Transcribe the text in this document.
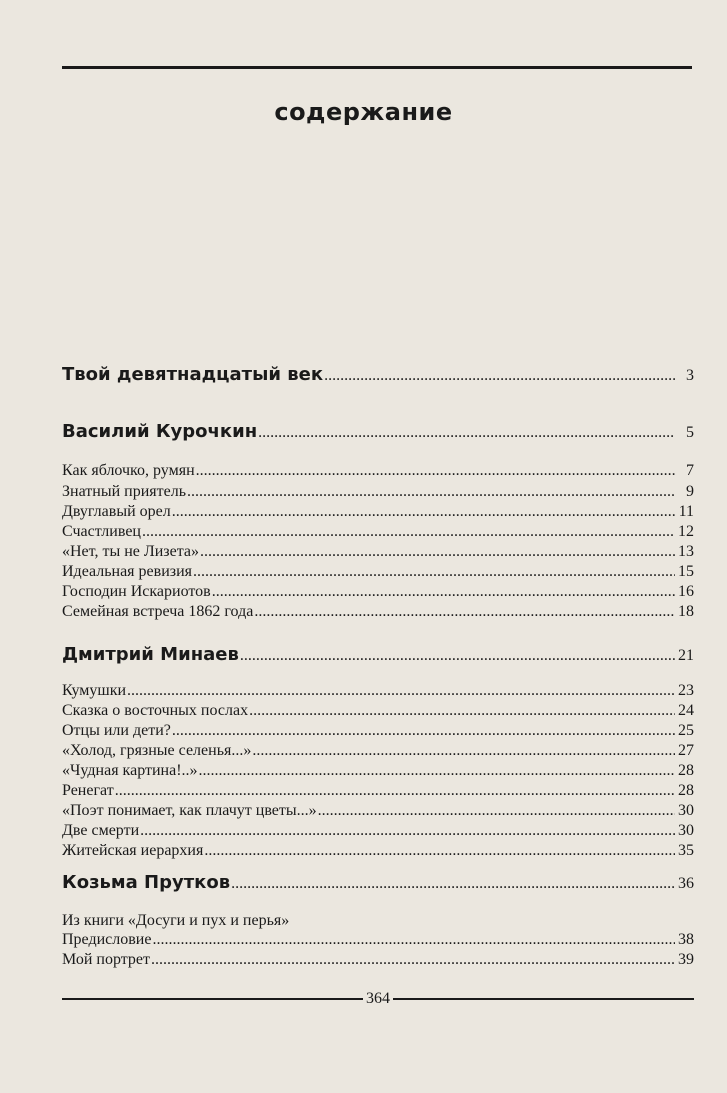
содержание
Твой девятнадцатый век .....	3
Василий Курочкин .....	5
Как яблочко, румян .....	7
Знатный приятель .....	9
Двуглавый орел .....	11
Счастливец .....	12
«Нет, ты не Лизета» .....	13
Идеальная ревизия .....	15
Господин Искариотов .....	16
Семейная встреча 1862 года .....	18
Дмитрий Минаев .....	21
Кумушки .....	23
Сказка о восточных послах .....	24
Отцы или дети? .....	25
«Холод, грязные селенья...» .....	27
«Чудная картина!..» .....	28
Ренегат .....	28
«Поэт понимает, как плачут цветы...» .....	30
Две смерти .....	30
Житейская иерархия .....	35
Козьма Прутков .....	36
Из книги «Досуги и пух и перья»
Предисловие .....	38
Мой портрет .....	39
364
